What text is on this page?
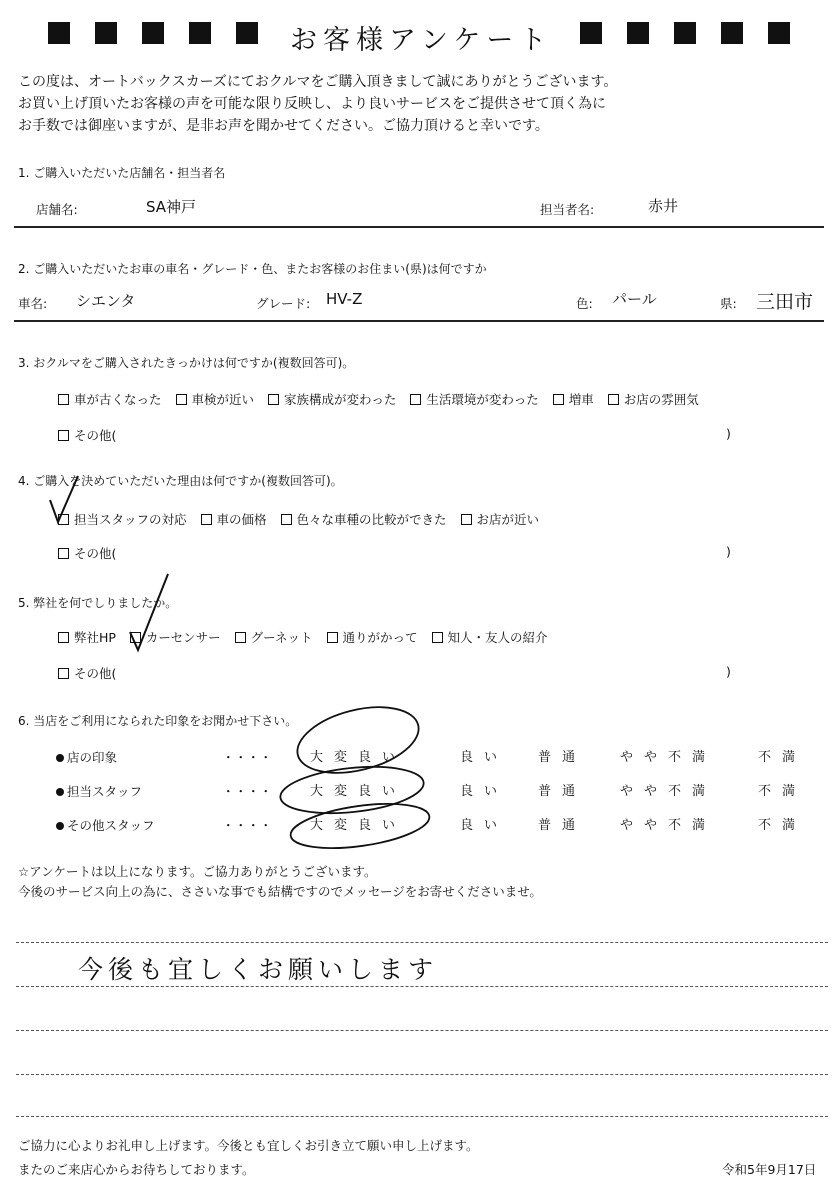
お客様アンケート
この度は、オートバックスカーズにておクルマをご購入頂きまして誠にありがとうございます。
お買い上げ頂いたお客様の声を可能な限り反映し、より良いサービスをご提供させて頂く為に
お手数では御座いますが、是非お声を聞かせてください。ご協力頂けると幸いです。
1. ご購入いただいた店舗名・担当者名
店舗名:	SA神戸	担当者名:	赤井
2. ご購入いただいたお車の車名・グレード・色、またお客様のお住まい(県)は何ですか
車名: シエンタ	グレード: HV-Z	色: パール	県: 三田市
3. おクルマをご購入されたきっかけは何ですか(複数回答可)。
車が古くなった 車検が近い 家族構成が変わった 生活環境が変わった 増車 お店の雰囲気
その他(	)
4. ご購入を決めていただいた理由は何ですか(複数回答可)。
担当スタッフの対応 車の価格 色々な車種の比較ができた お店が近い
その他(	)
5. 弊社を何でしりましたか。
弊社HP カーセンサー グーネット 通りがかって 知人・友人の紹介
その他(	)
6. 当店をご利用になられた印象をお聞かせ下さい。
店の印象	・・・・	大変良い	良い 普通	やや不満	不満
担当スタッフ	・・・・	大変良い	良い 普通	やや不満	不満
その他スタッフ	・・・・	大変良い	良い 普通	やや不満	不満
☆アンケートは以上になります。ご協力ありがとうございます。
今後のサービス向上の為に、ささいな事でも結構ですのでメッセージをお寄せくださいませ。
今後も宜しくお願いします
ご協力に心よりお礼申し上げます。今後とも宜しくお引き立て願い申し上げます。
またのご来店心からお待ちしております。	令和5年9月17日
